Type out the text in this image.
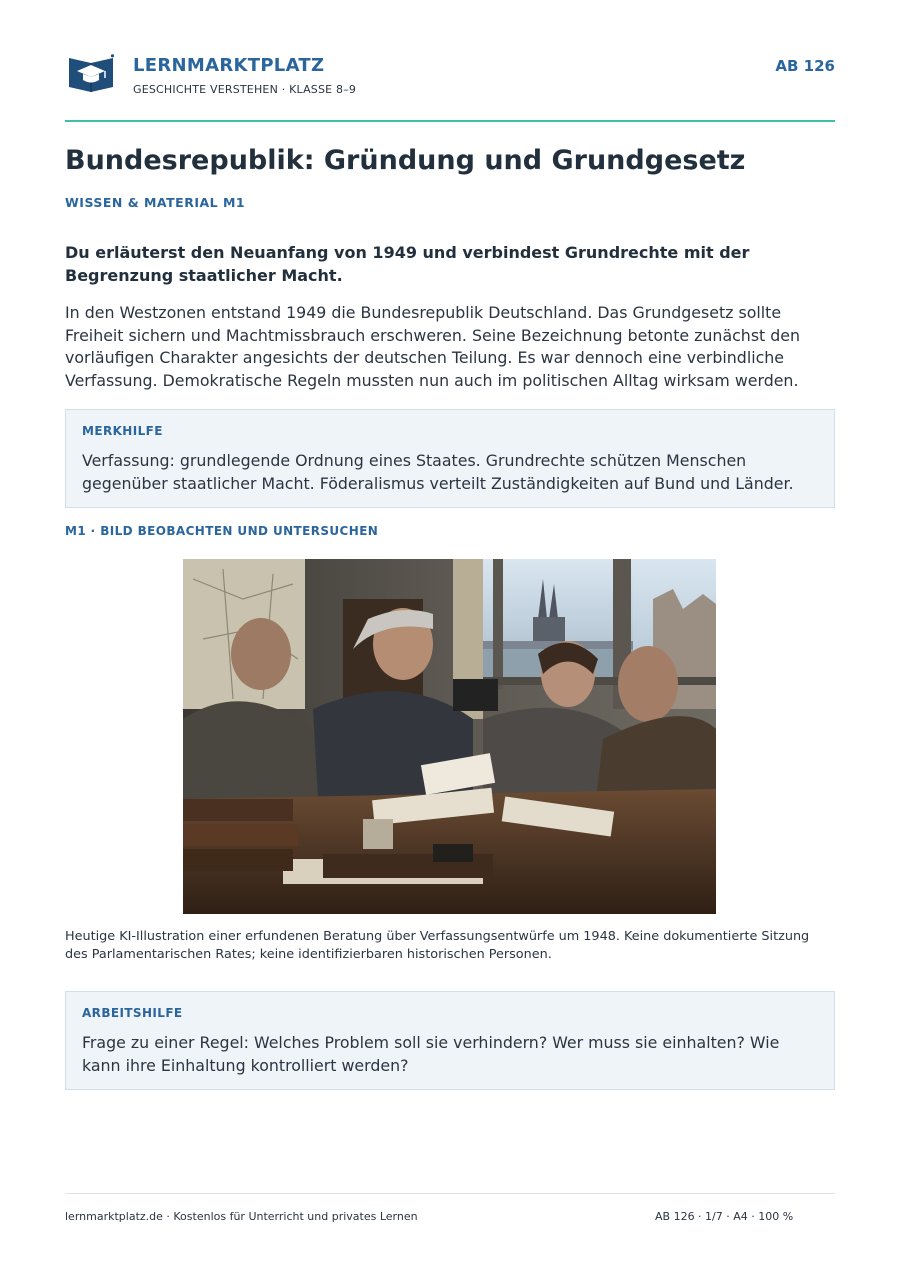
LERNMARKTPLATZ
GESCHICHTE VERSTEHEN · KLASSE 8–9
AB 126
Bundesrepublik: Gründung und Grundgesetz
WISSEN & MATERIAL M1

Du erläuterst den Neuanfang von 1949 und verbindest Grundrechte mit der Begrenzung staatlicher Macht.

In den Westzonen entstand 1949 die Bundesrepublik Deutschland. Das Grundgesetz sollte Freiheit sichern und Machtmissbrauch erschweren. Seine Bezeichnung betonte zunächst den vorläufigen Charakter angesichts der deutschen Teilung. Es war dennoch eine verbindliche Verfassung. Demokratische Regeln mussten nun auch im politischen Alltag wirksam werden.

MERKHILFE

Verfassung: grundlegende Ordnung eines Staates. Grundrechte schützen Menschen gegenüber staatlicher Macht. Föderalismus verteilt Zuständigkeiten auf Bund und Länder.

M1 · BILD BEOBACHTEN UND UNTERSUCHEN

Heutige KI-Illustration einer erfundenen Beratung über Verfassungsentwürfe um 1948. Keine dokumentierte Sitzung des Parlamentarischen Rates; keine identifizierbaren historischen Personen.

ARBEITSHILFE

Frage zu einer Regel: Welches Problem soll sie verhindern? Wer muss sie einhalten? Wie kann ihre Einhaltung kontrolliert werden?

lernmarktplatz.de · Kostenlos für Unterricht und privates Lernen	AB 126 · 1/7 · A4 · 100 %
